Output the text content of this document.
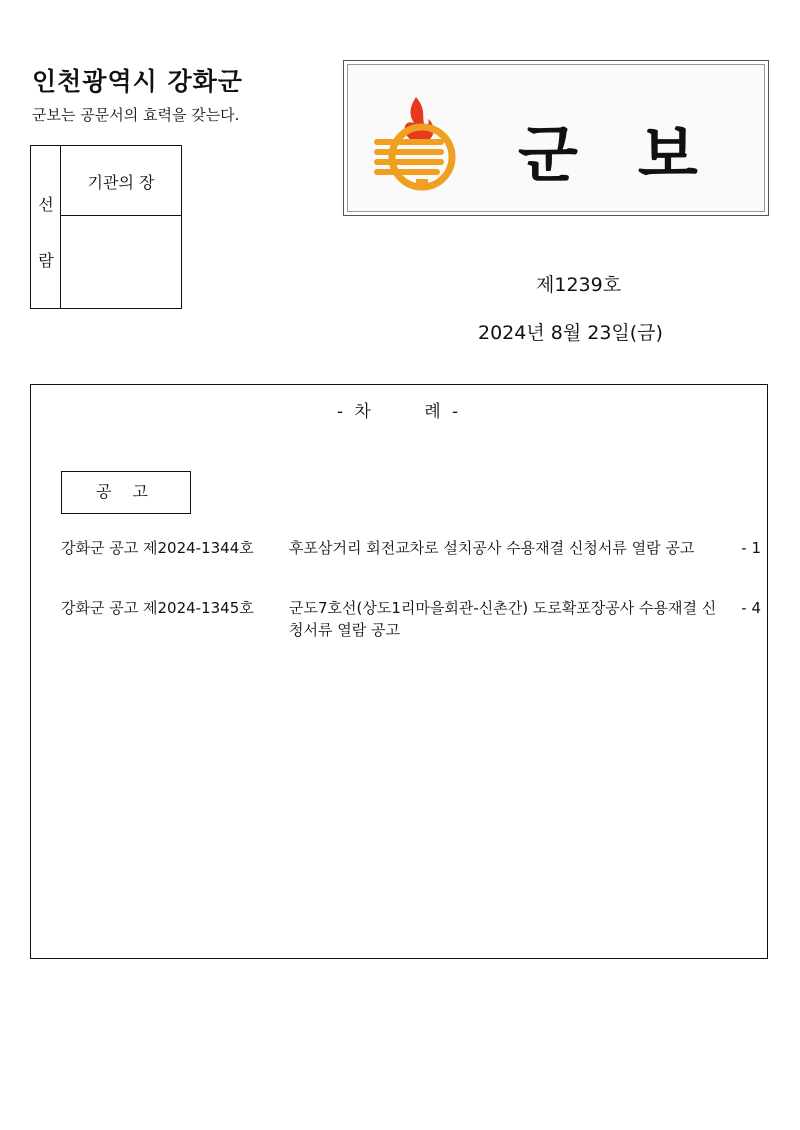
인천광역시 강화군
군보는 공문서의 효력을 갖는다.
선
람
기관의 장	군보
제1239호
2024년 8월 23일(금)
- 차      례 -
공 고
강화군 공고 제2024-1344호 후포삼거리 회전교차로 설치공사 수용재결 신청서류 열람 공고	- 1
강화군 공고 제2024-1345호 군도7호선(상도1리마을회관-신촌간) 도로확포장공사 수용재결 신청서류 열람 공고
- 4
